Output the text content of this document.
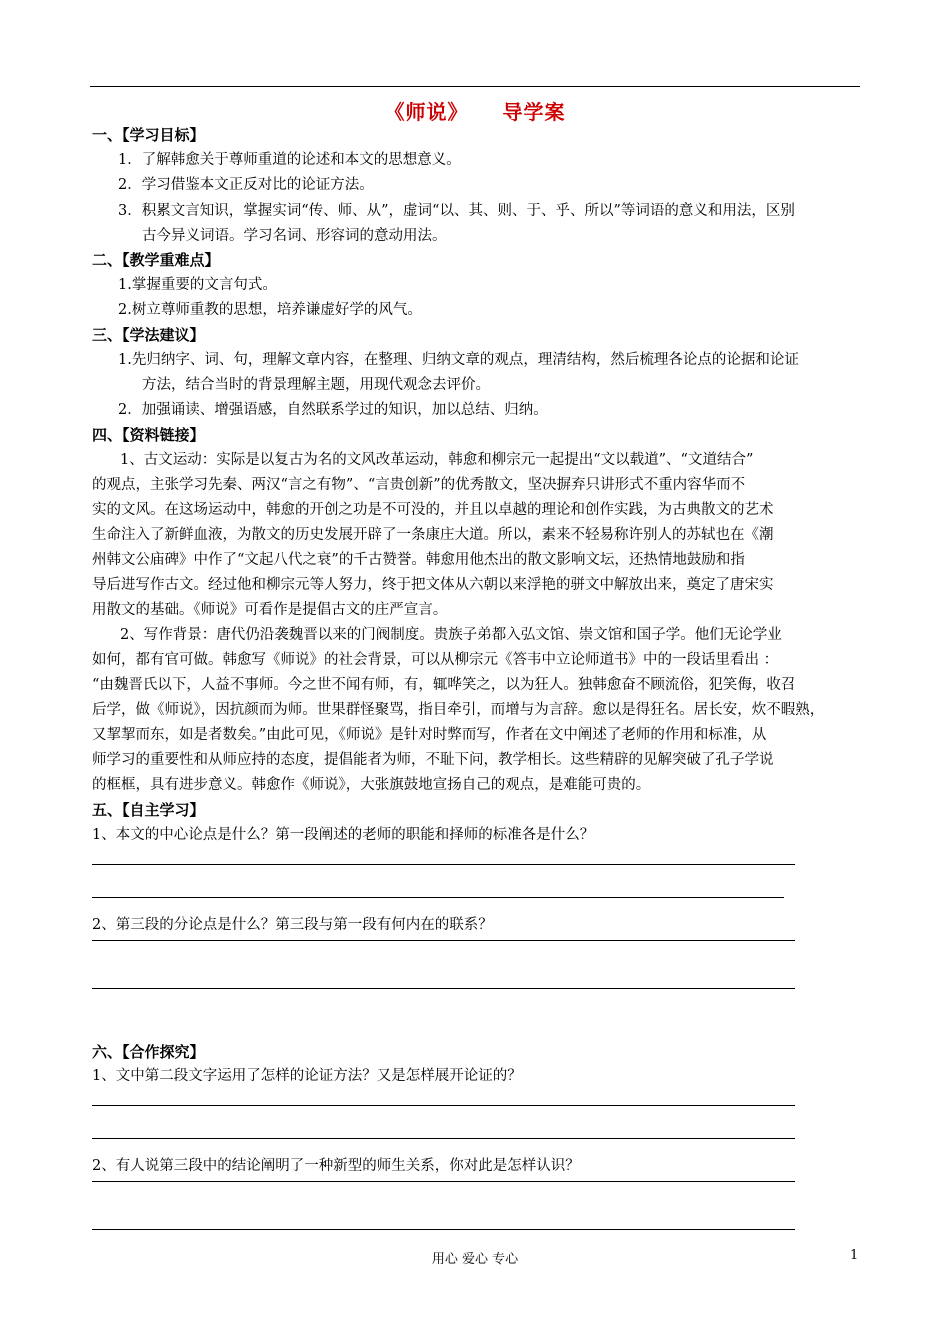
《师说》 导学案
一、【学习目标】
1．了解韩愈关于尊师重道的论述和本文的思想意义。
2．学习借鉴本文正反对比的论证方法。
3．积累文言知识，掌握实词“传、师、从”，虚词“以、其、则、于、乎、所以”等词语的意义和用法，区别
古今异义词语。学习名词、形容词的意动用法。
二、【教学重难点】
1.掌握重要的文言句式。
2.树立尊师重教的思想，培养谦虚好学的风气。
三、【学法建议】
1.先归纳字、词、句，理解文章内容，在整理、归纳文章的观点，理清结构，然后梳理各论点的论据和论证
方法，结合当时的背景理解主题，用现代观念去评价。
2．加强诵读、增强语感，自然联系学过的知识，加以总结、归纳。
四、【资料链接】
1、古文运动：实际是以复古为名的文风改革运动，韩愈和柳宗元一起提出“文以载道”、“文道结合”
的观点，主张学习先秦、两汉“言之有物”、“言贵创新”的优秀散文，坚决摒弃只讲形式不重内容华而不
实的文风。在这场运动中，韩愈的开创之功是不可没的，并且以卓越的理论和创作实践，为古典散文的艺术
生命注入了新鲜血液，为散文的历史发展开辟了一条康庄大道。所以，素来不轻易称许别人的苏轼也在《潮
州韩文公庙碑》中作了“文起八代之衰”的千古赞誉。韩愈用他杰出的散文影响文坛，还热情地鼓励和指
导后进写作古文。经过他和柳宗元等人努力，终于把文体从六朝以来浮艳的骈文中解放出来，奠定了唐宋实
用散文的基础。《师说》可看作是提倡古文的庄严宣言。
2、写作背景：唐代仍沿袭魏晋以来的门阀制度。贵族子弟都入弘文馆、崇文馆和国子学。他们无论学业
如何，都有官可做。韩愈写《师说》的社会背景，可以从柳宗元《答韦中立论师道书》中的一段话里看出 ：
“由魏晋氏以下，人益不事师。今之世不闻有师，有，辄哗笑之，以为狂人。独韩愈奋不顾流俗，犯笑侮，收召
后学，做《师说》，因抗颜而为师。世果群怪聚骂，指目牵引，而增与为言辞。愈以是得狂名。居长安，炊不暇熟，
又挈挈而东，如是者数矣。”由此可见，《师说》是针对时弊而写，作者在文中阐述了老师的作用和标准，从
师学习的重要性和从师应持的态度，提倡能者为师，不耻下问，教学相长。这些精辟的见解突破了孔子学说
的框框，具有进步意义。韩愈作《师说》，大张旗鼓地宣扬自己的观点，是难能可贵的。
五、【自主学习】
1、本文的中心论点是什么？第一段阐述的老师的职能和择师的标准各是什么？
2、第三段的分论点是什么？第三段与第一段有何内在的联系？
六、【合作探究】
1、文中第二段文字运用了怎样的论证方法？又是怎样展开论证的？
2、有人说第三段中的结论阐明了一种新型的师生关系，你对此是怎样认识？
用心 爱心 专心	1
